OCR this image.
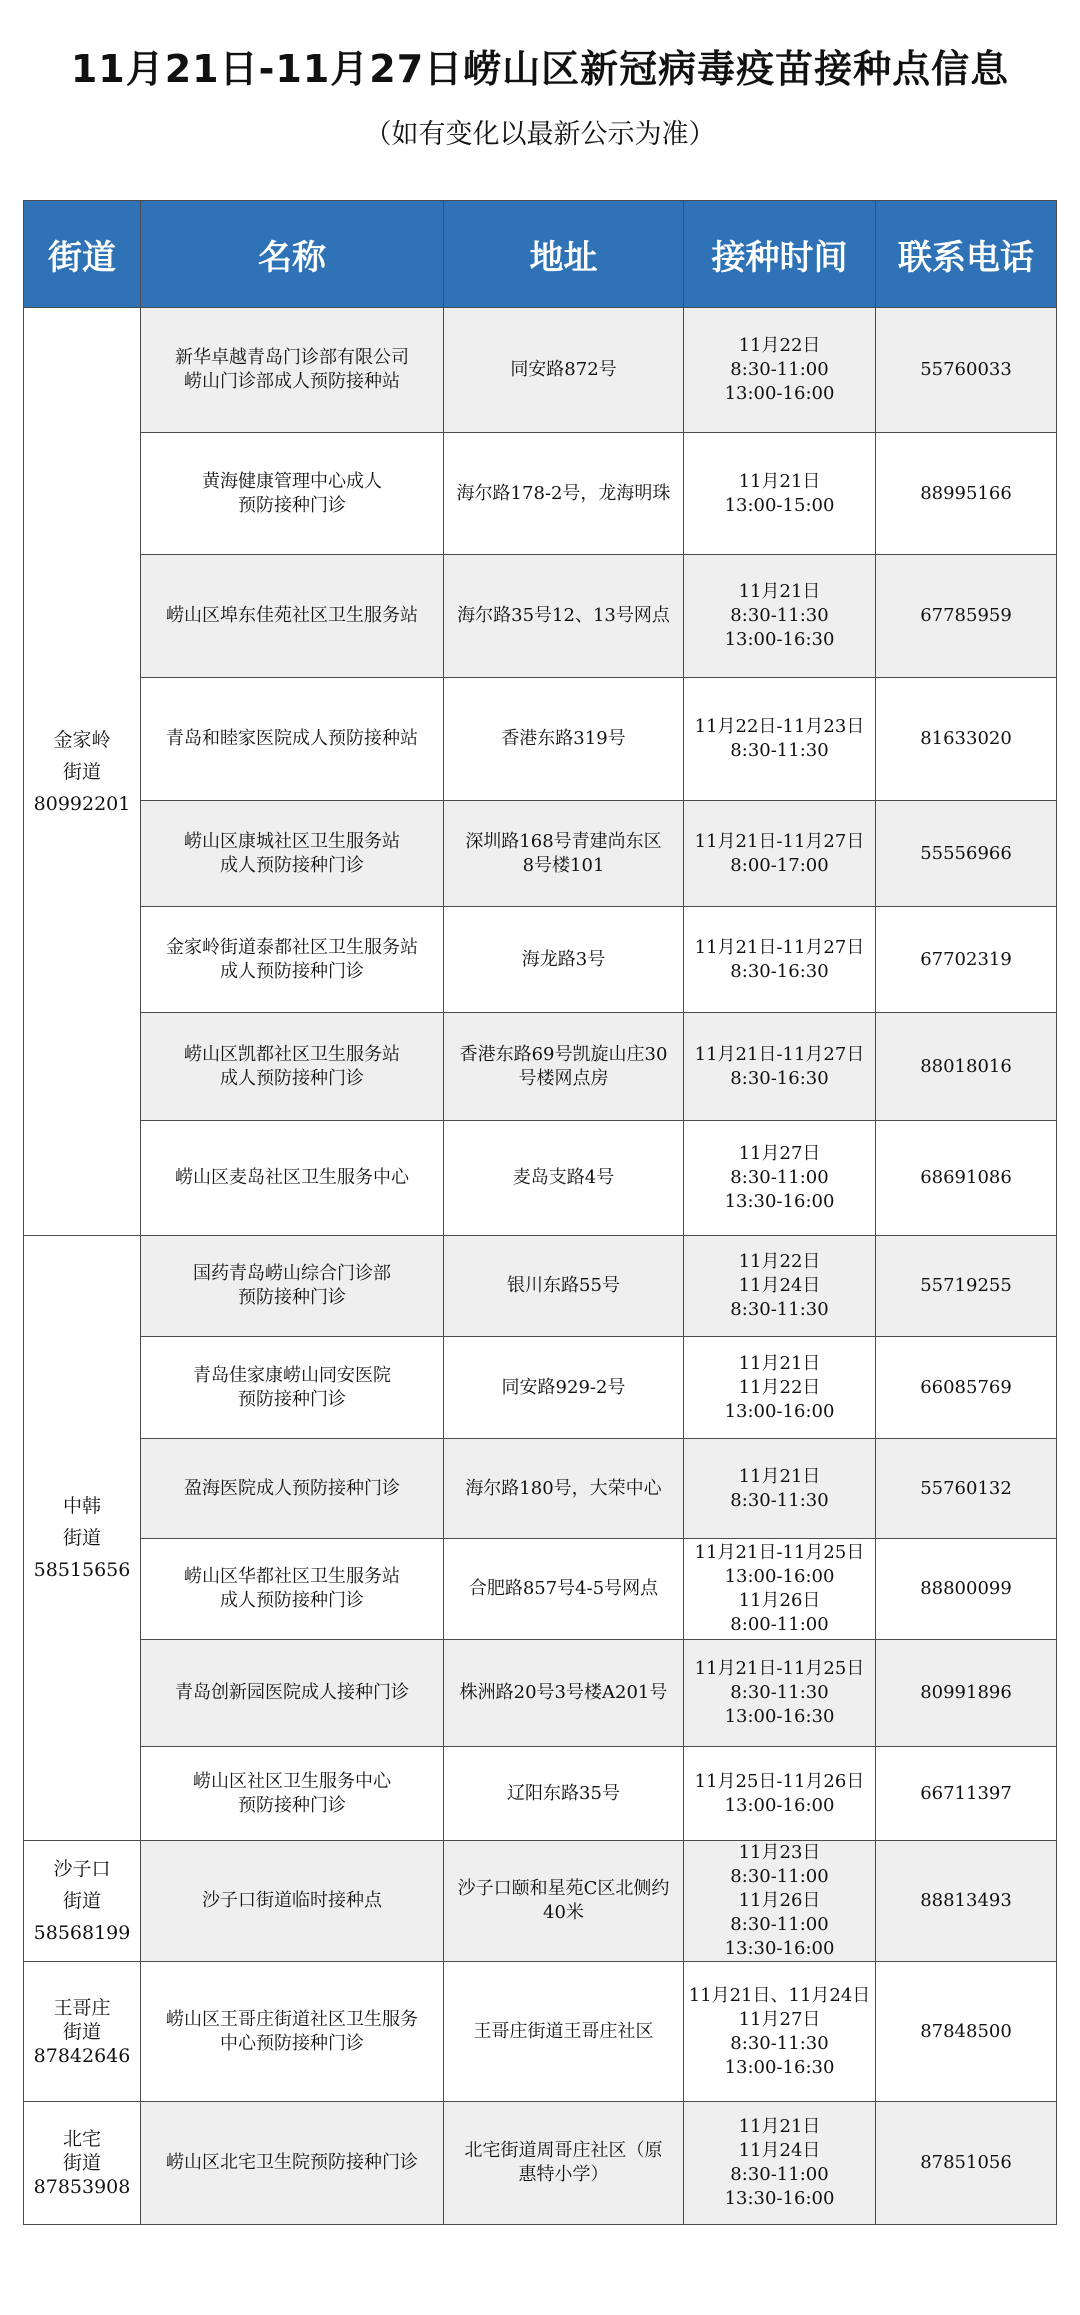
11月21日-11月27日崂山区新冠病毒疫苗接种点信息
（如有变化以最新公示为准）
街道	名称	地址	接种时间	联系电话

金家岭
街道
80992201	新华卓越青岛门诊部有限公司
崂山门诊部成人预防接种站	同安路872号	11月22日
8:30-11:00
13:00-16:00	55760033

	黄海健康管理中心成人
预防接种门诊	海尔路178-2号，龙海明珠	11月21日
13:00-15:00	88995166

	崂山区埠东佳苑社区卫生服务站	海尔路35号12、13号网点	11月21日
8:30-11:30
13:00-16:30	67785959

	青岛和睦家医院成人预防接种站	香港东路319号	11月22日-11月23日
8:30-11:30	81633020

	崂山区康城社区卫生服务站
成人预防接种门诊	深圳路168号青建尚东区
8号楼101	11月21日-11月27日
8:00-17:00	55556966

	金家岭街道泰都社区卫生服务站
成人预防接种门诊	海龙路3号	11月21日-11月27日
8:30-16:30	67702319

	崂山区凯都社区卫生服务站
成人预防接种门诊	香港东路69号凯旋山庄30
号楼网点房	11月21日-11月27日
8:30-16:30	88018016

	崂山区麦岛社区卫生服务中心	麦岛支路4号	11月27日
8:30-11:00
13:30-16:00	68691086

中韩
街道
58515656	国药青岛崂山综合门诊部
预防接种门诊	银川东路55号	11月22日
11月24日
8:30-11:30	55719255

	青岛佳家康崂山同安医院
预防接种门诊	同安路929-2号	11月21日
11月22日
13:00-16:00	66085769

	盈海医院成人预防接种门诊	海尔路180号，大荣中心	11月21日
8:30-11:30	55760132

	崂山区华都社区卫生服务站
成人预防接种门诊	合肥路857号4-5号网点	11月21日-11月25日
13:00-16:00
11月26日
8:00-11:00	88800099

	青岛创新园医院成人接种门诊	株洲路20号3号楼A201号	11月21日-11月25日
8:30-11:30
13:00-16:30	80991896

	崂山区社区卫生服务中心
预防接种门诊	辽阳东路35号	11月25日-11月26日
13:00-16:00	66711397

沙子口
街道
58568199	沙子口街道临时接种点	沙子口颐和星苑C区北侧约
40米	11月23日
8:30-11:00
11月26日
8:30-11:00
13:30-16:00	88813493

王哥庄
街道
87842646	崂山区王哥庄街道社区卫生服务
中心预防接种门诊	王哥庄街道王哥庄社区	11月21日、11月24日
11月27日
8:30-11:30
13:00-16:30	87848500

北宅
街道
87853908	崂山区北宅卫生院预防接种门诊	北宅街道周哥庄社区（原
惠特小学）	11月21日
11月24日
8:30-11:00
13:30-16:00	87851056
